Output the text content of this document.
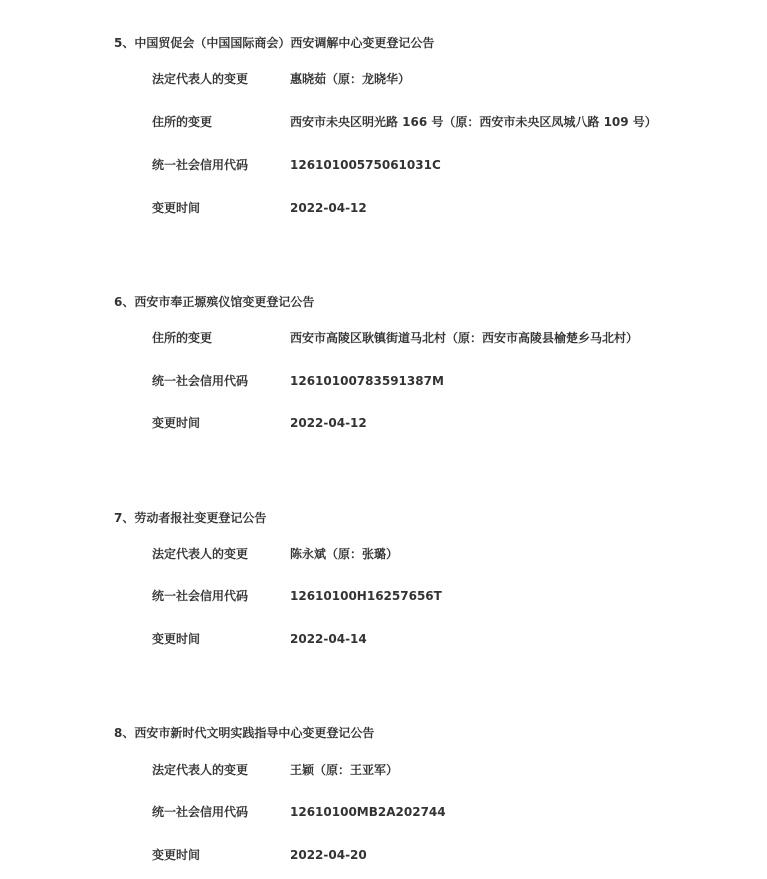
5、中国贸促会（中国国际商会）西安调解中心变更登记公告
法定代表人的变更	惠晓茹（原：龙晓华）
住所的变更	西安市未央区明光路 166 号（原：西安市未央区凤城八路 109 号）
统一社会信用代码	12610100575061031C
变更时间	2022-04-12
6、西安市奉正塬殡仪馆变更登记公告
住所的变更	西安市高陵区耿镇街道马北村（原：西安市高陵县榆楚乡马北村）
统一社会信用代码	12610100783591387M
变更时间	2022-04-12
7、劳动者报社变更登记公告
法定代表人的变更	陈永斌（原：张璐）
统一社会信用代码	12610100H16257656T
变更时间	2022-04-14
8、西安市新时代文明实践指导中心变更登记公告
法定代表人的变更	王颖（原：王亚军）
统一社会信用代码	12610100MB2A202744
变更时间	2022-04-20
